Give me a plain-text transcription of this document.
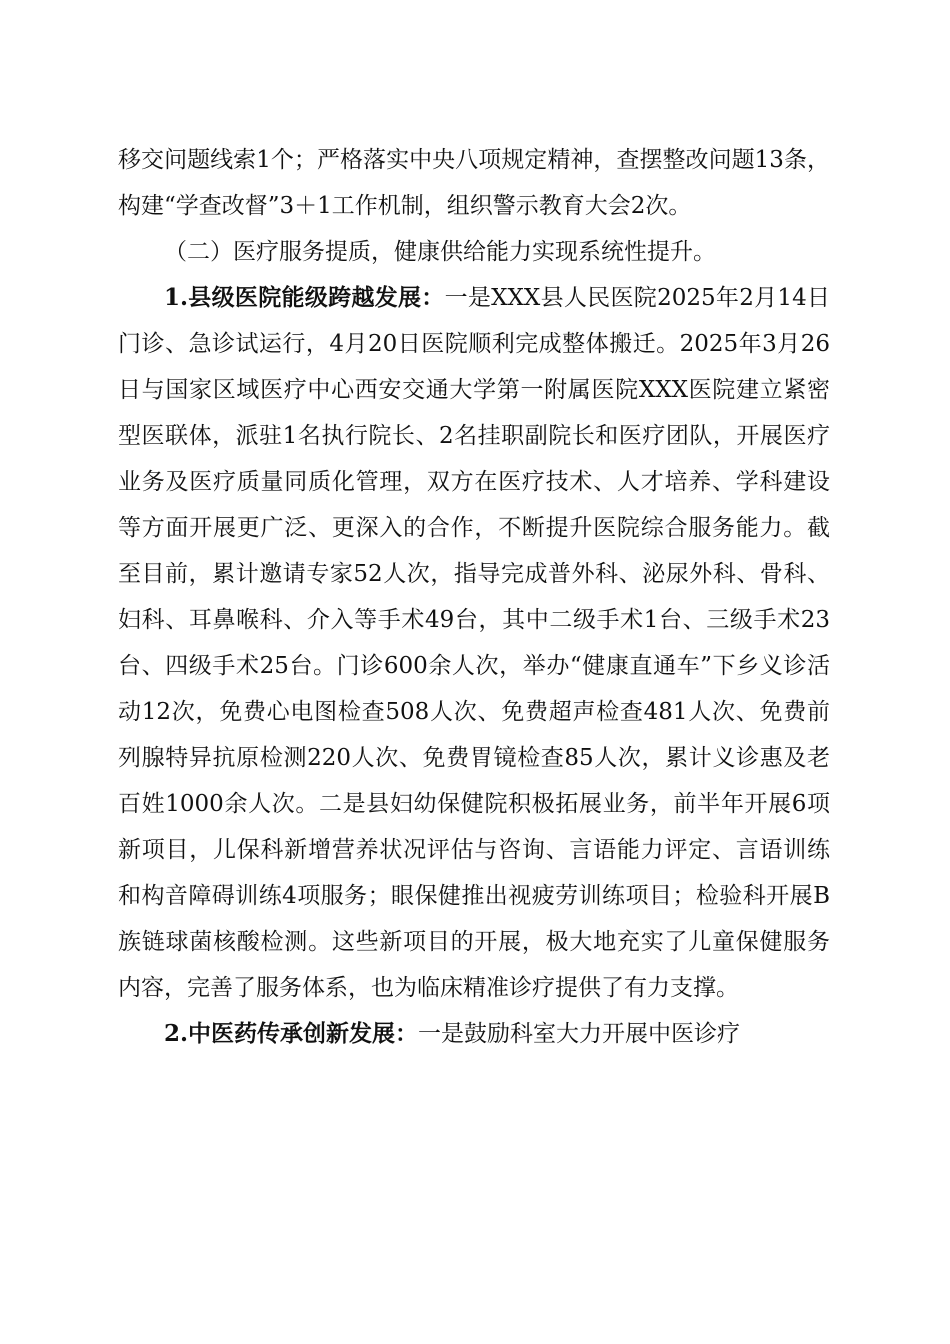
移交问题线索1个；严格落实中央八项规定精神，查摆整改问题13条，构建“学查改督”3＋1工作机制，组织警示教育大会2次。

（二）医疗服务提质，健康供给能力实现系统性提升。

1.县级医院能级跨越发展：一是XXX县人民医院2025年2月14日门诊、急诊试运行，4月20日医院顺利完成整体搬迁。2025年3月26日与国家区域医疗中心西安交通大学第一附属医院XXX医院建立紧密型医联体，派驻1名执行院长、2名挂职副院长和医疗团队，开展医疗业务及医疗质量同质化管理，双方在医疗技术、人才培养、学科建设等方面开展更广泛、更深入的合作，不断提升医院综合服务能力。截至目前，累计邀请专家52人次，指导完成普外科、泌尿外科、骨科、妇科、耳鼻喉科、介入等手术49台，其中二级手术1台、三级手术23台、四级手术25台。门诊600余人次，举办“健康直通车”下乡义诊活动12次，免费心电图检查508人次、免费超声检查481人次、免费前列腺特异抗原检测220人次、免费胃镜检查85人次，累计义诊惠及老百姓1000余人次。二是县妇幼保健院积极拓展业务，前半年开展6项新项目，儿保科新增营养状况评估与咨询、言语能力评定、言语训练和构音障碍训练4项服务；眼保健推出视疲劳训练项目；检验科开展B族链球菌核酸检测。这些新项目的开展，极大地充实了儿童保健服务内容，完善了服务体系，也为临床精准诊疗提供了有力支撑。

2.中医药传承创新发展：一是鼓励科室大力开展中医诊疗
